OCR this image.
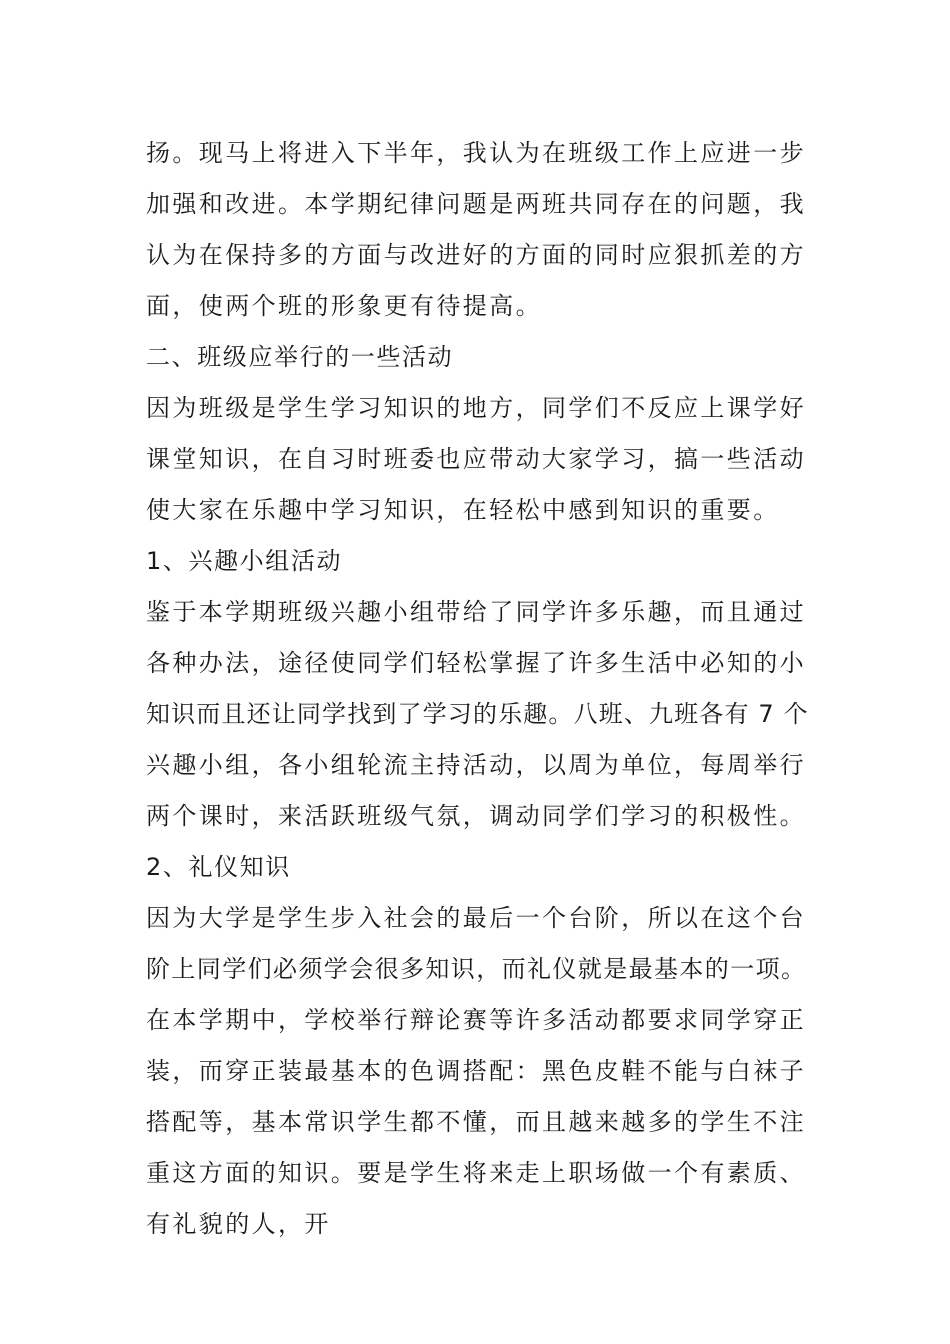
扬。现马上将进入下半年，我认为在班级工作上应进一步
加强和改进。本学期纪律问题是两班共同存在的问题，我
认为在保持多的方面与改进好的方面的同时应狠抓差的方
面，使两个班的形象更有待提高。
二、班级应举行的一些活动
因为班级是学生学习知识的地方，同学们不反应上课学好
课堂知识，在自习时班委也应带动大家学习，搞一些活动
使大家在乐趣中学习知识，在轻松中感到知识的重要。
1、兴趣小组活动
鉴于本学期班级兴趣小组带给了同学许多乐趣，而且通过
各种办法，途径使同学们轻松掌握了许多生活中必知的小
知识而且还让同学找到了学习的乐趣。八班、九班各有 7 个
兴趣小组，各小组轮流主持活动，以周为单位，每周举行
两个课时，来活跃班级气氛，调动同学们学习的积极性。
2、礼仪知识
因为大学是学生步入社会的最后一个台阶，所以在这个台
阶上同学们必须学会很多知识，而礼仪就是最基本的一项。
在本学期中，学校举行辩论赛等许多活动都要求同学穿正
装，而穿正装最基本的色调搭配：黑色皮鞋不能与白袜子
搭配等，基本常识学生都不懂，而且越来越多的学生不注
重这方面的知识。要是学生将来走上职场做一个有素质、
有礼貌的人，开
